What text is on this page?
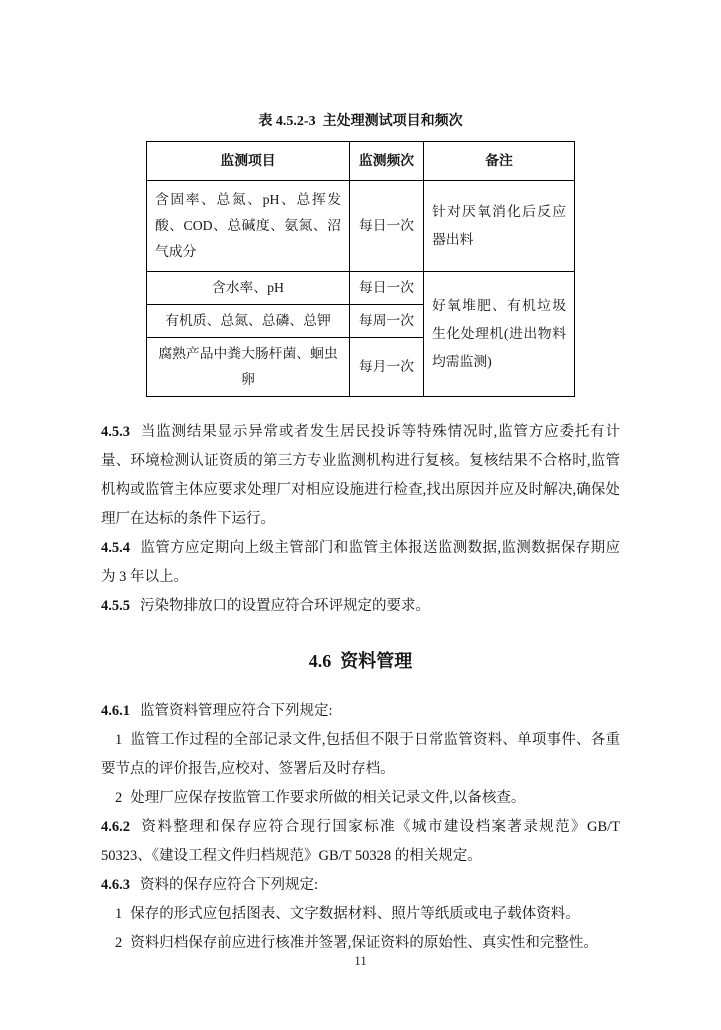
表 4.5.2-3 主处理测试项目和频次
监测项目	监测频次	备注
含固率、总氮、pH、总挥发酸、COD、总碱度、氨氮、沼气成分	每日一次	针对厌氧消化后反应器出料
含水率、pH	每日一次	好氧堆肥、有机垃圾生化处理机(进出物料均需监测)
有机质、总氮、总磷、总钾	每周一次	
腐熟产品中粪大肠杆菌、蛔虫卵	每月一次	

4.5.3 当监测结果显示异常或者发生居民投诉等特殊情况时,监管方应委托有计量、环境检测认证资质的第三方专业监测机构进行复核。复核结果不合格时,监管机构或监管主体应要求处理厂对相应设施进行检查,找出原因并应及时解决,确保处理厂在达标的条件下运行。

4.5.4 监管方应定期向上级主管部门和监管主体报送监测数据,监测数据保存期应为 3 年以上。

4.5.5 污染物排放口的设置应符合环评规定的要求。

4.6 资料管理

4.6.1 监管资料管理应符合下列规定:

1 监管工作过程的全部记录文件,包括但不限于日常监管资料、单项事件、各重要节点的评价报告,应校对、签署后及时存档。

2 处理厂应保存按监管工作要求所做的相关记录文件,以备核查。

4.6.2 资料整理和保存应符合现行国家标准《城市建设档案著录规范》GB/T 50323、《建设工程文件归档规范》GB/T 50328 的相关规定。

4.6.3 资料的保存应符合下列规定:

1 保存的形式应包括图表、文字数据材料、照片等纸质或电子载体资料。

2 资料归档保存前应进行核准并签署,保证资料的原始性、真实性和完整性。

11
